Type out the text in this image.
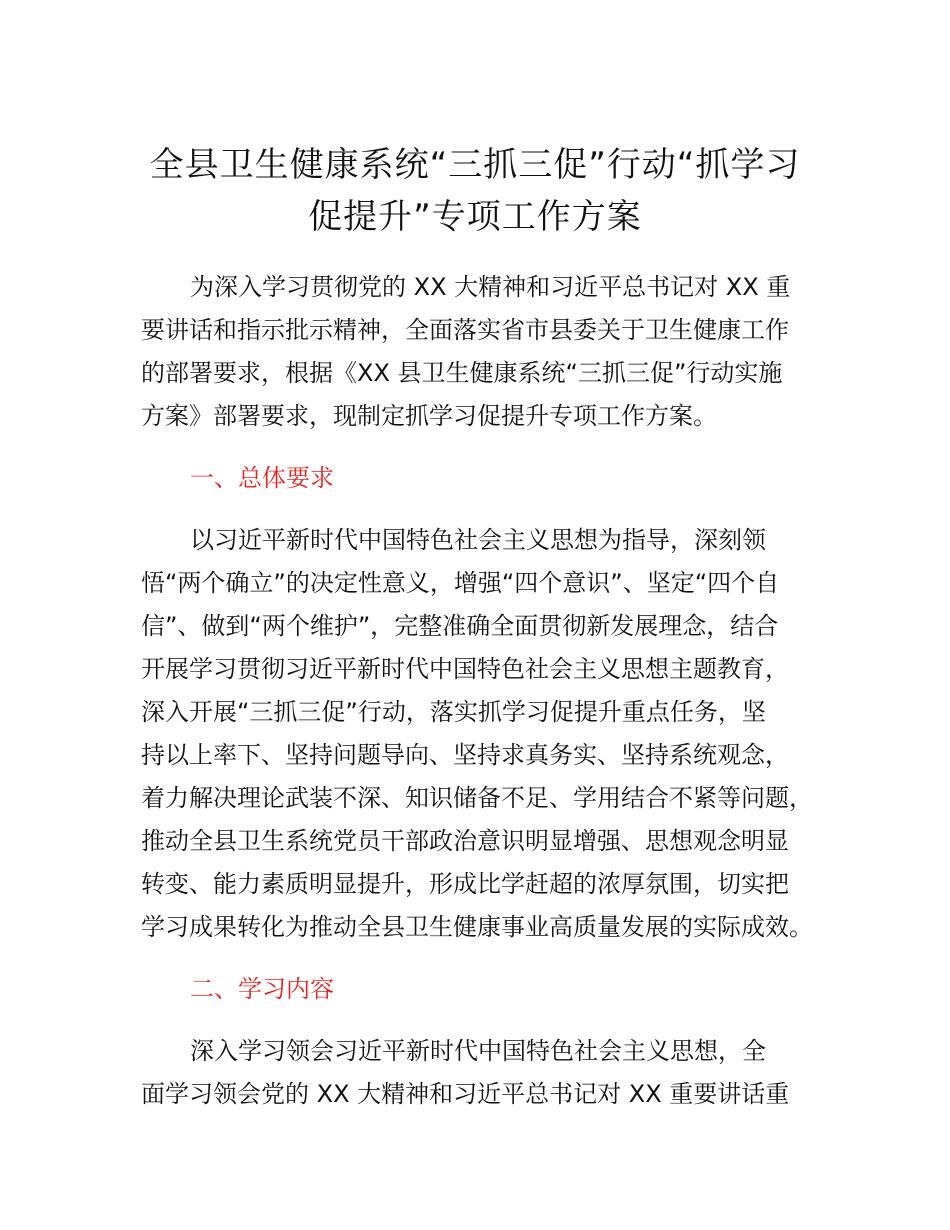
全县卫生健康系统“三抓三促”行动“抓学习
促提升”专项工作方案
为深入学习贯彻党的 XX 大精神和习近平总书记对 XX 重
要讲话和指示批示精神，全面落实省市县委关于卫生健康工作
的部署要求，根据《XX 县卫生健康系统“三抓三促”行动实施
方案》部署要求，现制定抓学习促提升专项工作方案。
一、总体要求
以习近平新时代中国特色社会主义思想为指导，深刻领
悟“两个确立”的决定性意义，增强“四个意识”、坚定“四个自
信”、做到“两个维护”，完整准确全面贯彻新发展理念，结合
开展学习贯彻习近平新时代中国特色社会主义思想主题教育，
深入开展“三抓三促”行动，落实抓学习促提升重点任务，坚
持以上率下、坚持问题导向、坚持求真务实、坚持系统观念，
着力解决理论武装不深、知识储备不足、学用结合不紧等问题，
推动全县卫生系统党员干部政治意识明显增强、思想观念明显
转变、能力素质明显提升，形成比学赶超的浓厚氛围，切实把
学习成果转化为推动全县卫生健康事业高质量发展的实际成效。
二、学习内容
深入学习领会习近平新时代中国特色社会主义思想，全
面学习领会党的 XX 大精神和习近平总书记对 XX 重要讲话重
